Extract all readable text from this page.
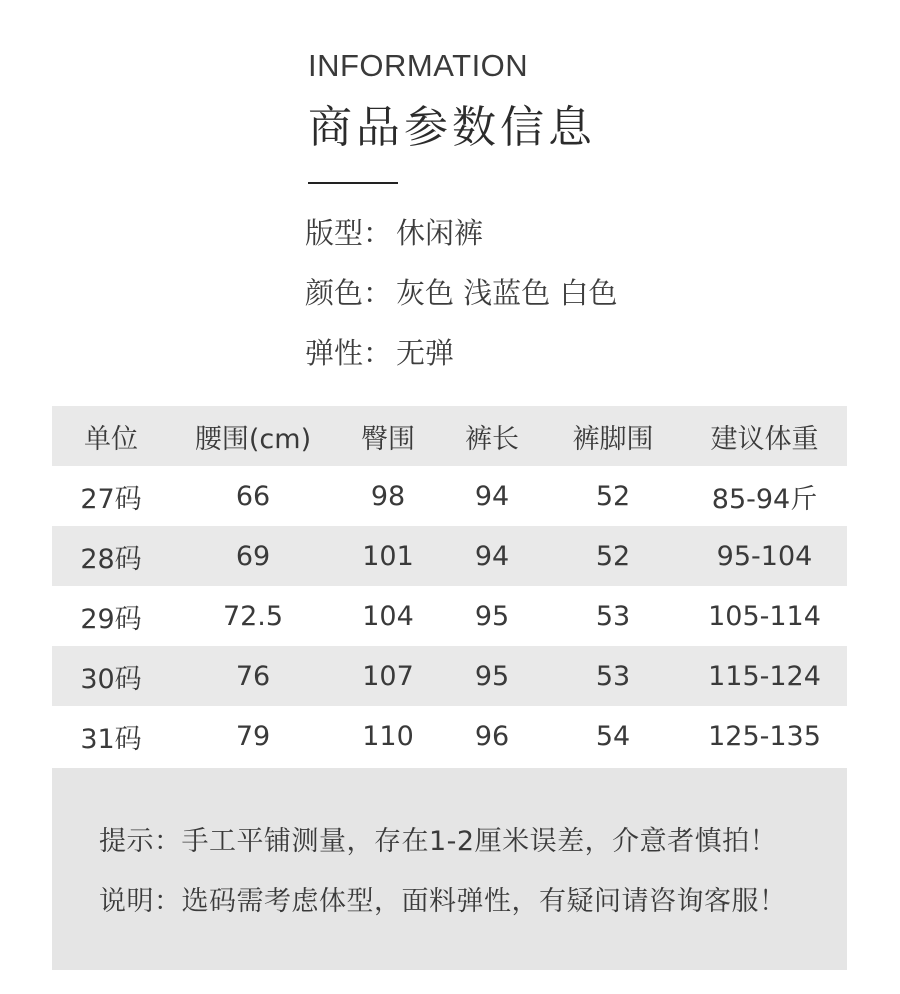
INFORMATION
商品参数信息
版型： 休闲裤
颜色： 灰色 浅蓝色 白色
弹性： 无弹
单位	腰围(cm)	臀围	裤长	裤脚围	建议体重
27码	66	98	94	52	85-94斤
28码	69	101	94	52	95-104
29码	72.5	104	95	53	105-114
30码	76	107	95	53	115-124
31码	79	110	96	54	125-135
提示：手工平铺测量，存在1-2厘米误差，介意者慎拍！
说明：选码需考虑体型，面料弹性，有疑问请咨询客服！
